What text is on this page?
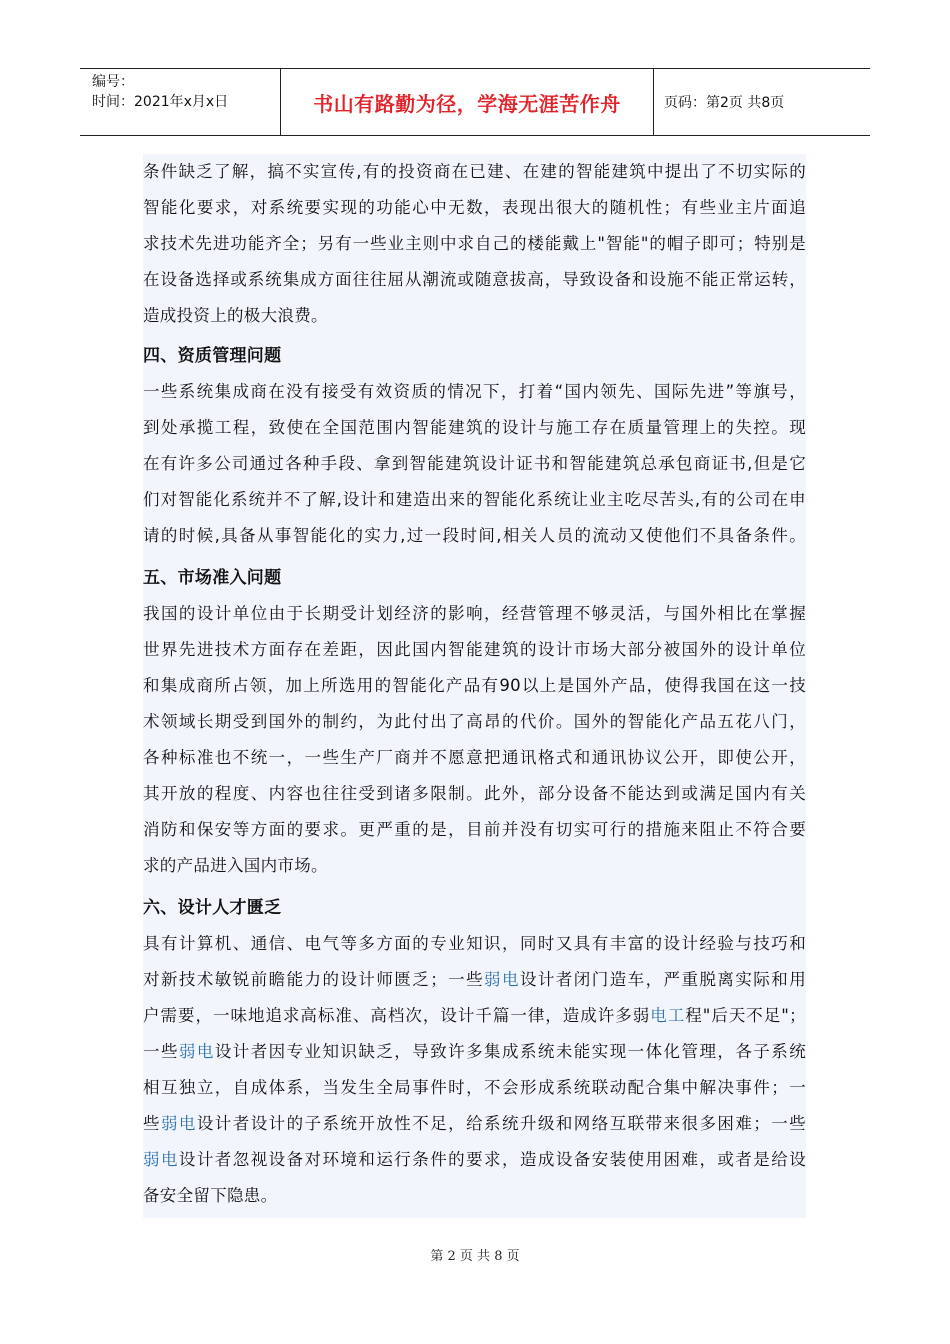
编号：
时间：2021年x月x日	书山有路勤为径，学海无涯苦作舟	页码：第2页 共8页
条件缺乏了解，搞不实宣传,有的投资商在已建、在建的智能建筑中提出了不切实际的
智能化要求，对系统要实现的功能心中无数，表现出很大的随机性；有些业主片面追
求技术先进功能齐全；另有一些业主则中求自己的楼能戴上"智能"的帽子即可；特别是
在设备选择或系统集成方面往往屈从潮流或随意拔高，导致设备和设施不能正常运转，
造成投资上的极大浪费。
四、资质管理问题
一些系统集成商在没有接受有效资质的情况下，打着“国内领先、国际先进”等旗号，
到处承揽工程，致使在全国范围内智能建筑的设计与施工存在质量管理上的失控。现
在有许多公司通过各种手段、拿到智能建筑设计证书和智能建筑总承包商证书,但是它
们对智能化系统并不了解,设计和建造出来的智能化系统让业主吃尽苦头,有的公司在申
请的时候,具备从事智能化的实力,过一段时间,相关人员的流动又使他们不具备条件。
五、市场准入问题
我国的设计单位由于长期受计划经济的影响，经营管理不够灵活，与国外相比在掌握
世界先进技术方面存在差距，因此国内智能建筑的设计市场大部分被国外的设计单位
和集成商所占领，加上所选用的智能化产品有90以上是国外产品，使得我国在这一技
术领域长期受到国外的制约，为此付出了高昂的代价。国外的智能化产品五花八门，
各种标准也不统一，一些生产厂商并不愿意把通讯格式和通讯协议公开，即使公开，
其开放的程度、内容也往往受到诸多限制。此外，部分设备不能达到或满足国内有关
消防和保安等方面的要求。更严重的是，目前并没有切实可行的措施来阻止不符合要
求的产品进入国内市场。
六、设计人才匮乏
具有计算机、通信、电气等多方面的专业知识，同时又具有丰富的设计经验与技巧和
对新技术敏锐前瞻能力的设计师匮乏；一些弱电设计者闭门造车，严重脱离实际和用
户需要，一味地追求高标准、高档次，设计千篇一律，造成许多弱电工程"后天不足"；
一些弱电设计者因专业知识缺乏，导致许多集成系统未能实现一体化管理，各子系统
相互独立，自成体系，当发生全局事件时，不会形成系统联动配合集中解决事件；一
些弱电设计者设计的子系统开放性不足，给系统升级和网络互联带来很多困难；一些
弱电设计者忽视设备对环境和运行条件的要求，造成设备安装使用困难，或者是给设
备安全留下隐患。
第 2 页 共 8 页
